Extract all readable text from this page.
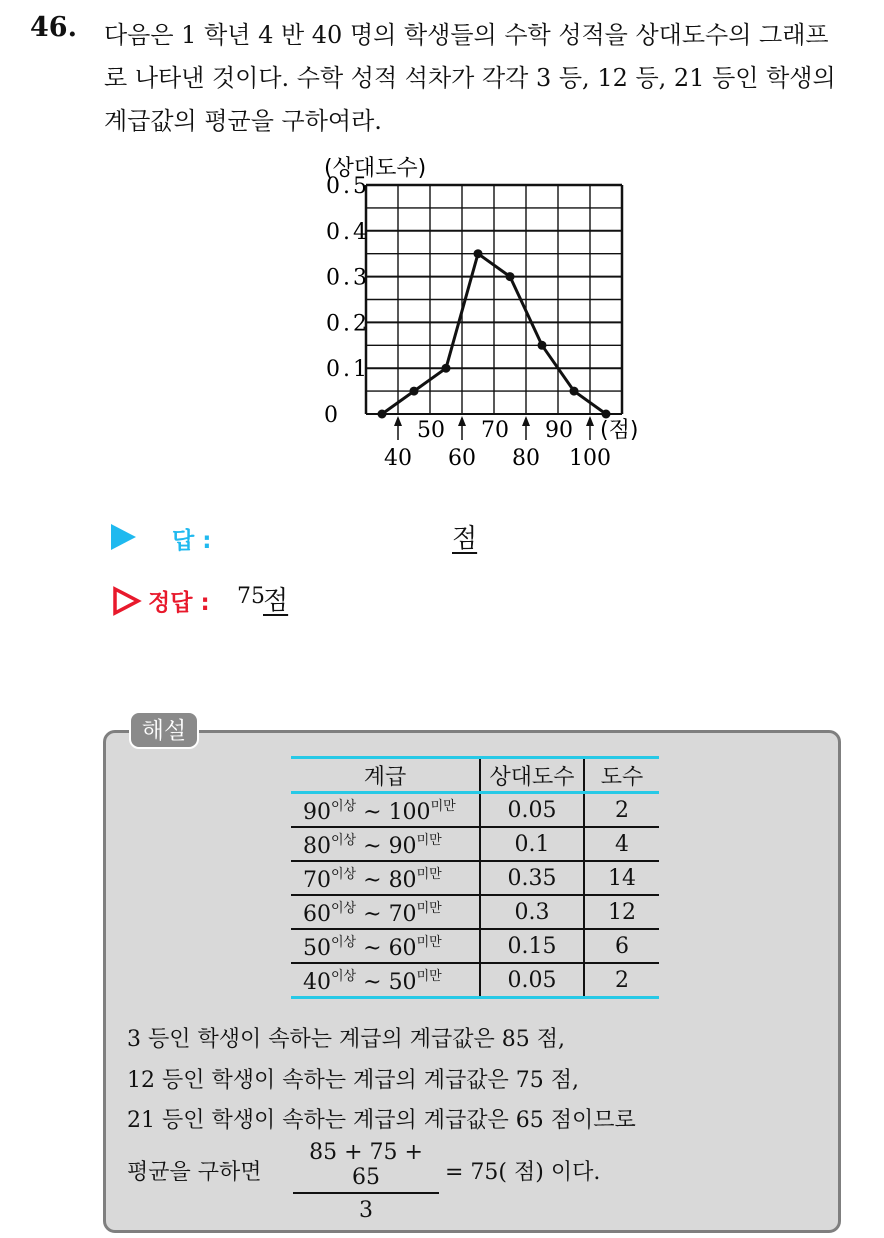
46. 다음은 1 학년 4 반 40 명의 학생들의 수학 성적을 상대도수의 그래프
로 나타낸 것이다. 수학 성적 석차가 각각 3 등, 12 등, 21 등인 학생의
계급값의 평균을 구하여라.
(상대도수)
0.5
0.4
0.3
0.2
0.1
0
50 70 90
40 60 80 100
(점)
답 :	점
정답 : 75
점
해설
계급	상대도수	도수
$90^{이상}$ ~ $100^{미만}$	0.05	2
$80^{이상}$ ~ $90^{미만}$	0.1	4
$70^{이상}$ ~ $80^{미만}$	0.35	14
$60^{이상}$ ~ $70^{미만}$	0.3	12
$50^{이상}$ ~ $60^{미만}$	0.15	6
$40^{이상}$ ~ $50^{미만}$	0.05	2
3 등인 학생이 속하는 계급의 계급값은 85 점,
12 등인 학생이 속하는 계급의 계급값은 75 점,
21 등인 학생이 속하는 계급의 계급값은 65 점이므로
평균을 구하면 $\frac{85 + 75 + 65}{3} = 75$( 점) 이다.
